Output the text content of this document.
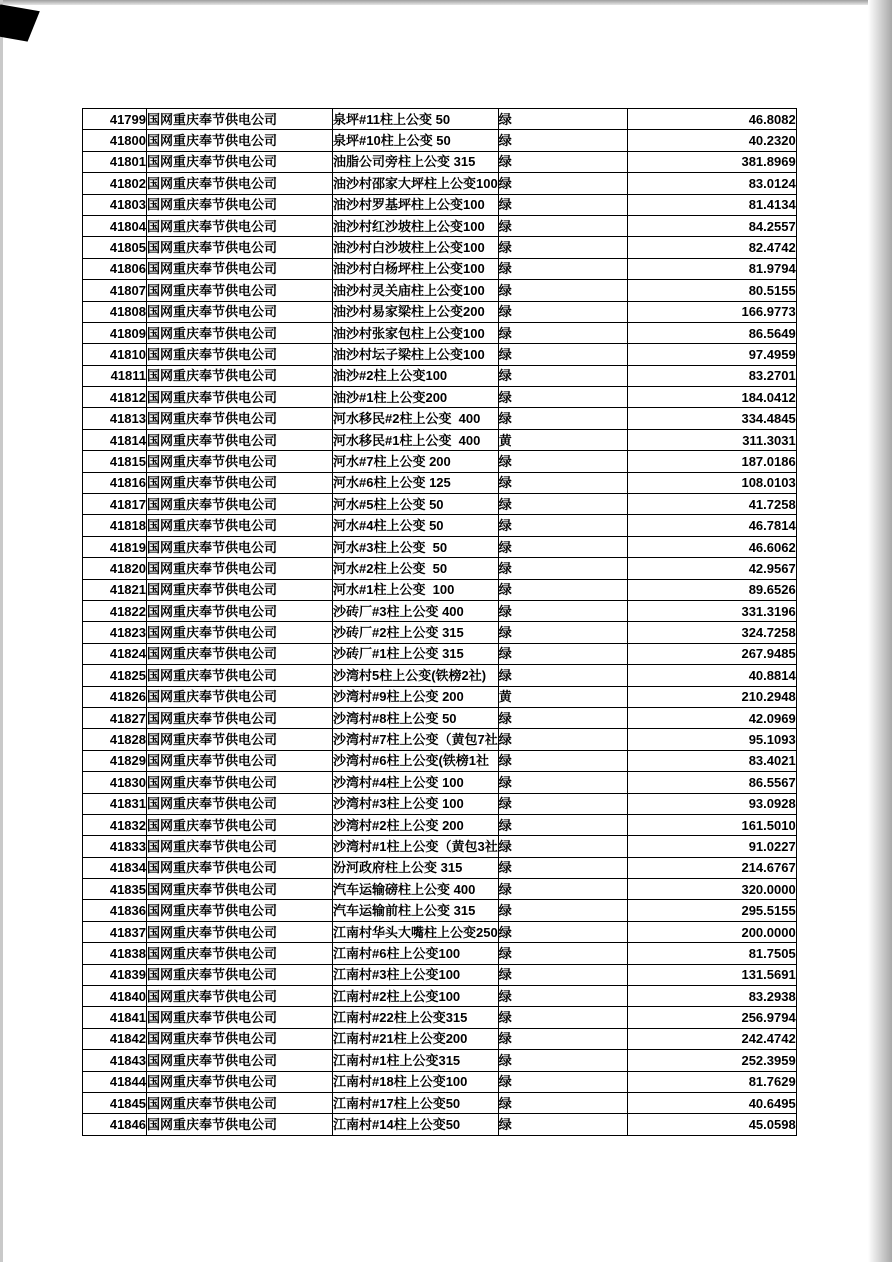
41799	国网重庆奉节供电公司	泉坪#11柱上公变 50	绿	46.8082
41800	国网重庆奉节供电公司	泉坪#10柱上公变 50	绿	40.2320
41801	国网重庆奉节供电公司	油脂公司旁柱上公变 315	绿	381.8969
41802	国网重庆奉节供电公司	油沙村邵家大坪柱上公变100	绿	83.0124
41803	国网重庆奉节供电公司	油沙村罗基坪柱上公变100	绿	81.4134
41804	国网重庆奉节供电公司	油沙村红沙坡柱上公变100	绿	84.2557
41805	国网重庆奉节供电公司	油沙村白沙坡柱上公变100	绿	82.4742
41806	国网重庆奉节供电公司	油沙村白杨坪柱上公变100	绿	81.9794
41807	国网重庆奉节供电公司	油沙村灵关庙柱上公变100	绿	80.5155
41808	国网重庆奉节供电公司	油沙村易家梁柱上公变200	绿	166.9773
41809	国网重庆奉节供电公司	油沙村张家包柱上公变100	绿	86.5649
41810	国网重庆奉节供电公司	油沙村坛子梁柱上公变100	绿	97.4959
41811	国网重庆奉节供电公司	油沙#2柱上公变100	绿	83.2701
41812	国网重庆奉节供电公司	油沙#1柱上公变200	绿	184.0412
41813	国网重庆奉节供电公司	河水移民#2柱上公变  400	绿	334.4845
41814	国网重庆奉节供电公司	河水移民#1柱上公变  400	黄	311.3031
41815	国网重庆奉节供电公司	河水#7柱上公变 200	绿	187.0186
41816	国网重庆奉节供电公司	河水#6柱上公变 125	绿	108.0103
41817	国网重庆奉节供电公司	河水#5柱上公变 50	绿	41.7258
41818	国网重庆奉节供电公司	河水#4柱上公变 50	绿	46.7814
41819	国网重庆奉节供电公司	河水#3柱上公变  50	绿	46.6062
41820	国网重庆奉节供电公司	河水#2柱上公变  50	绿	42.9567
41821	国网重庆奉节供电公司	河水#1柱上公变  100	绿	89.6526
41822	国网重庆奉节供电公司	沙砖厂#3柱上公变 400	绿	331.3196
41823	国网重庆奉节供电公司	沙砖厂#2柱上公变 315	绿	324.7258
41824	国网重庆奉节供电公司	沙砖厂#1柱上公变 315	绿	267.9485
41825	国网重庆奉节供电公司	沙湾村5柱上公变(铁榜2社)	绿	40.8814
41826	国网重庆奉节供电公司	沙湾村#9柱上公变 200	黄	210.2948
41827	国网重庆奉节供电公司	沙湾村#8柱上公变 50	绿	42.0969
41828	国网重庆奉节供电公司	沙湾村#7柱上公变（黄包7社	绿	95.1093
41829	国网重庆奉节供电公司	沙湾村#6柱上公变(铁榜1社	绿	83.4021
41830	国网重庆奉节供电公司	沙湾村#4柱上公变 100	绿	86.5567
41831	国网重庆奉节供电公司	沙湾村#3柱上公变 100	绿	93.0928
41832	国网重庆奉节供电公司	沙湾村#2柱上公变 200	绿	161.5010
41833	国网重庆奉节供电公司	沙湾村#1柱上公变（黄包3社	绿	91.0227
41834	国网重庆奉节供电公司	汾河政府柱上公变 315	绿	214.6767
41835	国网重庆奉节供电公司	汽车运输磅柱上公变 400	绿	320.0000
41836	国网重庆奉节供电公司	汽车运输前柱上公变 315	绿	295.5155
41837	国网重庆奉节供电公司	江南村华头大嘴柱上公变250	绿	200.0000
41838	国网重庆奉节供电公司	江南村#6柱上公变100	绿	81.7505
41839	国网重庆奉节供电公司	江南村#3柱上公变100	绿	131.5691
41840	国网重庆奉节供电公司	江南村#2柱上公变100	绿	83.2938
41841	国网重庆奉节供电公司	江南村#22柱上公变315	绿	256.9794
41842	国网重庆奉节供电公司	江南村#21柱上公变200	绿	242.4742
41843	国网重庆奉节供电公司	江南村#1柱上公变315	绿	252.3959
41844	国网重庆奉节供电公司	江南村#18柱上公变100	绿	81.7629
41845	国网重庆奉节供电公司	江南村#17柱上公变50	绿	40.6495
41846	国网重庆奉节供电公司	江南村#14柱上公变50	绿	45.0598
